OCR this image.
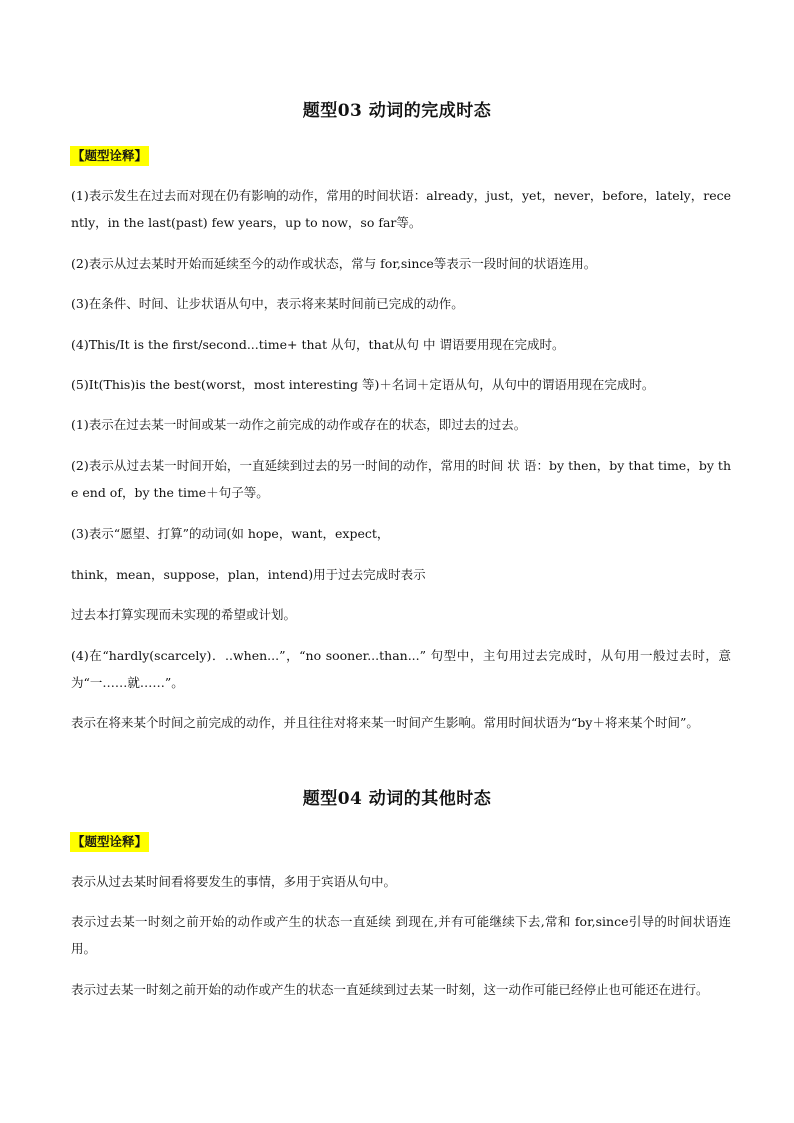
题型03 动词的完成时态
【题型诠释】
(1)表示发生在过去而对现在仍有影响的动作，常用的时间状语：already，just，yet，never，before，lately，recently，in the last(past) few years，up to now，so far等。
(2)表示从过去某时开始而延续至今的动作或状态，常与 for,since等表示一段时间的状语连用。
(3)在条件、时间、让步状语从句中，表示将来某时间前已完成的动作。
(4)This/It is the first/second...time+ that 从句，that从句 中 谓语要用现在完成时。
(5)It(This)is the best(worst，most interesting 等)＋名词＋定语从句，从句中的谓语用现在完成时。
(1)表示在过去某一时间或某一动作之前完成的动作或存在的状态，即过去的过去。
(2)表示从过去某一时间开始，一直延续到过去的另一时间的动作，常用的时间 状 语：by then，by that time，by the end of，by the time＋句子等。
(3)表示“愿望、打算”的动词(如 hope，want，expect，
think，mean，suppose，plan，intend)用于过去完成时表示
过去本打算实现而未实现的希望或计划。
(4)在“hardly(scarcely)．..when...”，“no sooner...than...” 句型中，主句用过去完成时，从句用一般过去时，意为“一……就……”。
表示在将来某个时间之前完成的动作，并且往往对将来某一时间产生影响。常用时间状语为“by＋将来某个时间”。
题型04 动词的其他时态
【题型诠释】
表示从过去某时间看将要发生的事情，多用于宾语从句中。
表示过去某一时刻之前开始的动作或产生的状态一直延续 到现在,并有可能继续下去,常和 for,since引导的时间状语连用。
表示过去某一时刻之前开始的动作或产生的状态一直延续到过去某一时刻，这一动作可能已经停止也可能还在进行。
